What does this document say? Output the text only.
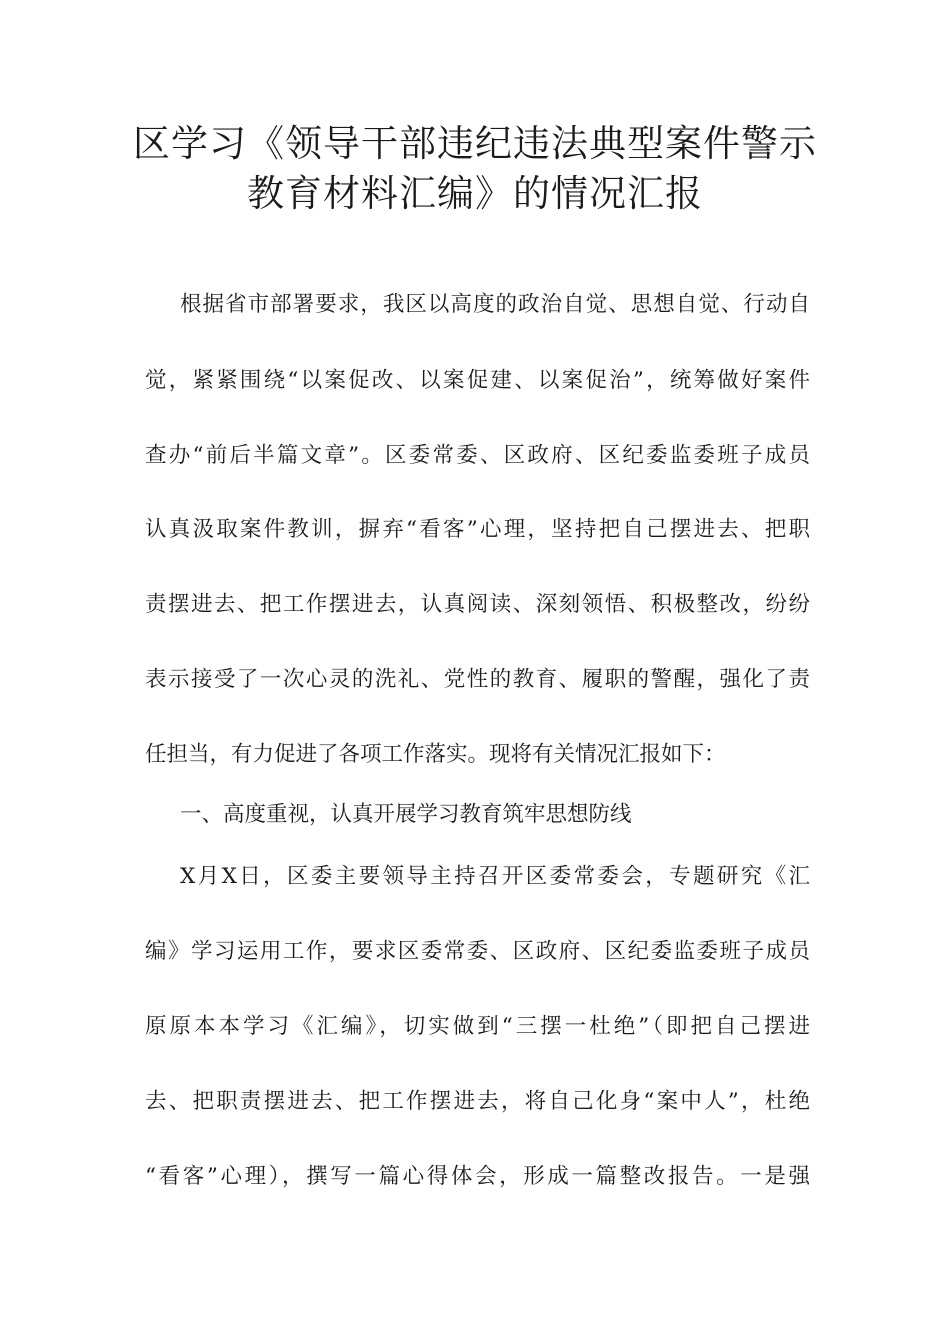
区学习《领导干部违纪违法典型案件警示
教育材料汇编》的情况汇报
根据省市部署要求，我区以高度的政治自觉、思想自觉、行动自
觉，紧紧围绕“以案促改、以案促建、以案促治”，统筹做好案件
查办“前后半篇文章”。区委常委、区政府、区纪委监委班子成员
认真汲取案件教训，摒弃“看客”心理，坚持把自己摆进去、把职
责摆进去、把工作摆进去，认真阅读、深刻领悟、积极整改，纷纷
表示接受了一次心灵的洗礼、党性的教育、履职的警醒，强化了责
任担当，有力促进了各项工作落实。现将有关情况汇报如下：
一、高度重视，认真开展学习教育筑牢思想防线
X月X日，区委主要领导主持召开区委常委会，专题研究《汇
编》学习运用工作，要求区委常委、区政府、区纪委监委班子成员
原原本本学习《汇编》，切实做到“三摆一杜绝”（即把自己摆进
去、把职责摆进去、把工作摆进去，将自己化身“案中人”，杜绝
“看客”心理），撰写一篇心得体会，形成一篇整改报告。一是强
